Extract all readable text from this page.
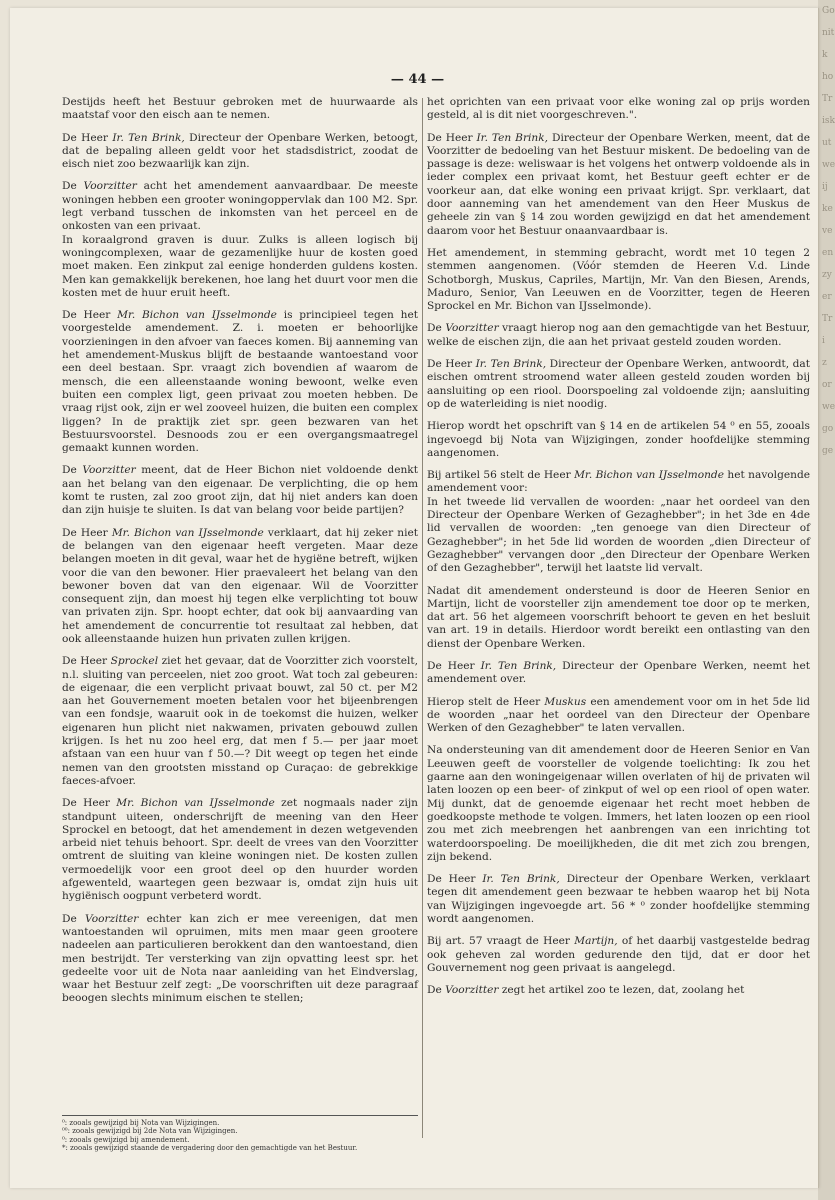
Go
nit
k
ho
Tr
isk
ut
we
ij
ke
ve
en
zy
er
Tr
i
z
or
we
go
ge
— 44 —

Destijds heeft het Bestuur gebroken met de huurwaarde als maatstaf voor den eisch aan te nemen.

De Heer Ir. Ten Brink, Directeur der Openbare Werken, betoogt, dat de bepaling alleen geldt voor het stadsdistrict, zoodat de eisch niet zoo bezwaarlijk kan zijn.

De Voorzitter acht het amendement aanvaardbaar. De meeste woningen hebben een grooter woningoppervlak dan 100 M2. Spr. legt verband tusschen de inkomsten van het perceel en de onkosten van een privaat.
In koraalgrond graven is duur. Zulks is alleen logisch bij woningcomplexen, waar de gezamenlijke huur de kosten goed moet maken. Een zinkput zal eenige honderden guldens kosten. Men kan gemakkelijk berekenen, hoe lang het duurt voor men die kosten met de huur eruit heeft.

De Heer Mr. Bichon van IJsselmonde is principieel tegen het voorgestelde amendement. Z. i. moeten er behoorlijke voorzieningen in den afvoer van faeces komen. Bij aanneming van het amendement-Muskus blijft de bestaande wantoestand voor een deel bestaan. Spr. vraagt zich bovendien af waarom de mensch, die een alleenstaande woning bewoont, welke even buiten een complex ligt, geen privaat zou moeten hebben. De vraag rijst ook, zijn er wel zooveel huizen, die buiten een complex liggen? In de praktijk ziet spr. geen bezwaren van het Bestuursvoorstel. Desnoods zou er een overgangsmaatregel gemaakt kunnen worden.

De Voorzitter meent, dat de Heer Bichon niet voldoende denkt aan het belang van den eigenaar. De verplichting, die op hem komt te rusten, zal zoo groot zijn, dat hij niet anders kan doen dan zijn huisje te sluiten. Is dat van belang voor beide partijen?

De Heer Mr. Bichon van IJsselmonde verklaart, dat hij zeker niet de belangen van den eigenaar heeft vergeten. Maar deze belangen moeten in dit geval, waar het de hygiëne betreft, wijken voor die van den bewoner. Hier praevaleert het belang van den bewoner boven dat van den eigenaar. Wil de Voorzitter consequent zijn, dan moest hij tegen elke verplichting tot bouw van privaten zijn. Spr. hoopt echter, dat ook bij aanvaarding van het amendement de concurrentie tot resultaat zal hebben, dat ook alleenstaande huizen hun privaten zullen krijgen.

De Heer Sprockel ziet het gevaar, dat de Voorzitter zich voorstelt, n.l. sluiting van perceelen, niet zoo groot. Wat toch zal gebeuren: de eigenaar, die een verplicht privaat bouwt, zal 50 ct. per M2 aan het Gouvernement moeten betalen voor het bijeenbrengen van een fondsje, waaruit ook in de toekomst die huizen, welker eigenaren hun plicht niet nakwamen, privaten gebouwd zullen krijgen. Is het nu zoo heel erg, dat men f 5.— per jaar moet afstaan van een huur van f 50.—? Dit weegt op tegen het einde nemen van den grootsten misstand op Curaçao: de gebrekkige faeces-afvoer.

De Heer Mr. Bichon van IJsselmonde zet nogmaals nader zijn standpunt uiteen, onderschrijft de meening van den Heer Sprockel en betoogt, dat het amendement in dezen wetgevenden arbeid niet tehuis behoort. Spr. deelt de vrees van den Voorzitter omtrent de sluiting van kleine woningen niet. De kosten zullen vermoedelijk voor een groot deel op den huurder worden afgewenteld, waartegen geen bezwaar is, omdat zijn huis uit hygiënisch oogpunt verbeterd wordt.

De Voorzitter echter kan zich er mee vereenigen, dat men wantoestanden wil opruimen, mits men maar geen grootere nadeelen aan particulieren berokkent dan den wantoestand, dien men bestrijdt. Ter versterking van zijn opvatting leest spr. het gedeelte voor uit de Nota naar aanleiding van het Eindverslag, waar het Bestuur zelf zegt: „De voorschriften uit deze paragraaf beoogen slechts minimum eischen te stellen;

het oprichten van een privaat voor elke woning zal op prijs worden gesteld, al is dit niet voorgeschreven.".

De Heer Ir. Ten Brink, Directeur der Openbare Werken, meent, dat de Voorzitter de bedoeling van het Bestuur miskent. De bedoeling van de passage is deze: weliswaar is het volgens het ontwerp voldoende als in ieder complex een privaat komt, het Bestuur geeft echter er de voorkeur aan, dat elke woning een privaat krijgt. Spr. verklaart, dat door aanneming van het amendement van den Heer Muskus de geheele zin van § 14 zou worden gewijzigd en dat het amendement daarom voor het Bestuur onaanvaardbaar is.

Het amendement, in stemming gebracht, wordt met 10 tegen 2 stemmen aangenomen. (Vóór stemden de Heeren V.d. Linde Schotborgh, Muskus, Capriles, Martijn, Mr. Van den Biesen, Arends, Maduro, Senior, Van Leeuwen en de Voorzitter, tegen de Heeren Sprockel en Mr. Bichon van IJsselmonde).

De Voorzitter vraagt hierop nog aan den gemachtigde van het Bestuur, welke de eischen zijn, die aan het privaat gesteld zouden worden.

De Heer Ir. Ten Brink, Directeur der Openbare Werken, antwoordt, dat eischen omtrent stroomend water alleen gesteld zouden worden bij aansluiting op een riool. Doorspoeling zal voldoende zijn; aansluiting op de waterleiding is niet noodig.

Hierop wordt het opschrift van § 14 en de artikelen 54 ⁰ en 55, zooals ingevoegd bij Nota van Wijzigingen, zonder hoofdelijke stemming aangenomen.

Bij artikel 56 stelt de Heer Mr. Bichon van IJsselmonde het navolgende amendement voor:
In het tweede lid vervallen de woorden: „naar het oordeel van den Directeur der Openbare Werken of Gezaghebber"; in het 3de en 4de lid vervallen de woorden: „ten genoege van dien Directeur of Gezaghebber"; in het 5de lid worden de woorden „dien Directeur of Gezaghebber" vervangen door „den Directeur der Openbare Werken of den Gezaghebber", terwijl het laatste lid vervalt.

Nadat dit amendement ondersteund is door de Heeren Senior en Martijn, licht de voorsteller zijn amendement toe door op te merken, dat art. 56 het algemeen voorschrift behoort te geven en het besluit van art. 19 in details. Hierdoor wordt bereikt een ontlasting van den dienst der Openbare Werken.

De Heer Ir. Ten Brink, Directeur der Openbare Werken, neemt het amendement over.

Hierop stelt de Heer Muskus een amendement voor om in het 5de lid de woorden „naar het oordeel van den Directeur der Openbare Werken of den Gezaghebber" te laten vervallen.

Na ondersteuning van dit amendement door de Heeren Senior en Van Leeuwen geeft de voorsteller de volgende toelichting: Ik zou het gaarne aan den woningeigenaar willen overlaten of hij de privaten wil laten loozen op een beer- of zinkput of wel op een riool of open water. Mij dunkt, dat de genoemde eigenaar het recht moet hebben de goedkoopste methode te volgen. Immers, het laten loozen op een riool zou met zich meebrengen het aanbrengen van een inrichting tot waterdoorspoeling. De moeilijkheden, die dit met zich zou brengen, zijn bekend.

De Heer Ir. Ten Brink, Directeur der Openbare Werken, verklaart tegen dit amendement geen bezwaar te hebben waarop het bij Nota van Wijzigingen ingevoegde art. 56 * ⁰ zonder hoofdelijke stemming wordt aangenomen.

Bij art. 57 vraagt de Heer Martijn, of het daarbij vastgestelde bedrag ook geheven zal worden gedurende den tijd, dat er door het Gouvernement nog geen privaat is aangelegd.

De Voorzitter zegt het artikel zoo te lezen, dat, zoolang het

⁰: zooals gewijzigd bij Nota van Wijzigingen.
⁰⁰: zooals gewijzigd bij 2de Nota van Wijzigingen.
⁰: zooals gewijzigd bij amendement.
*: zooals gewijzigd staande de vergadering door den gemachtigde van het Bestuur.
